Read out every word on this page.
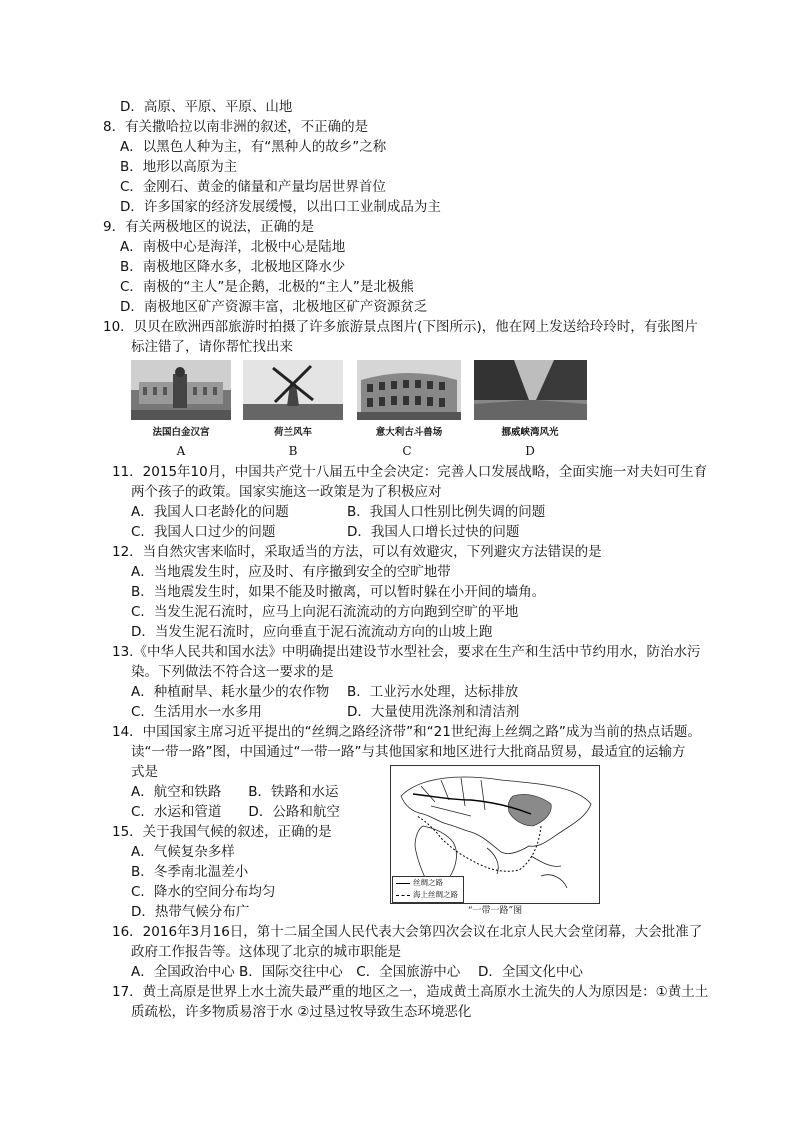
D．高原、平原、平原、山地
8．有关撒哈拉以南非洲的叙述，不正确的是
A．以黑色人种为主，有“黑种人的故乡”之称
B．地形以高原为主
C．金刚石、黄金的储量和产量均居世界首位
D．许多国家的经济发展缓慢，以出口工业制成品为主
9．有关两极地区的说法，正确的是
A．南极中心是海洋，北极中心是陆地
B．南极地区降水多，北极地区降水少
C．南极的“主人”是企鹅，北极的“主人”是北极熊
D．南极地区矿产资源丰富，北极地区矿产资源贫乏
10．贝贝在欧洲西部旅游时拍摄了许多旅游景点图片(下图所示)，他在网上发送给玲玲时，有张图片
标注错了，请你帮忙找出来
法国白金汉宫	荷兰风车	意大利古斗兽场	挪威峡湾风光
A	B	C	D
11．2015年10月，中国共产党十八届五中全会决定：完善人口发展战略，全面实施一对夫妇可生育
两个孩子的政策。国家实施这一政策是为了积极应对
A．我国人口老龄化的问题	B．我国人口性别比例失调的问题
C．我国人口过少的问题	D．我国人口增长过快的问题
12．当自然灾害来临时，采取适当的方法，可以有效避灾，下列避灾方法错误的是
A．当地震发生时，应及时、有序撤到安全的空旷地带
B．当地震发生时，如果不能及时撤离，可以暂时躲在小开间的墙角。
C．当发生泥石流时，应马上向泥石流流动的方向跑到空旷的平地
D．当发生泥石流时，应向垂直于泥石流流动方向的山坡上跑
13.《中华人民共和国水法》中明确提出建设节水型社会，要求在生产和生活中节约用水，防治水污
染。下列做法不符合这一要求的是
A．种植耐旱、耗水量少的农作物 B．工业污水处理，达标排放
C．生活用水一水多用	D．大量使用洗涤剂和清洁剂
14．中国国家主席习近平提出的“丝绸之路经济带”和“21世纪海上丝绸之路”成为当前的热点话题。
读“一带一路”图，中国通过“一带一路”与其他国家和地区进行大批商品贸易，最适宜的运输方
式是
A．航空和铁路　　B．铁路和水运
C．水运和管道　　D．公路和航空
丝绸之路
海上丝绸之路
“一带一路”图
15．关于我国气候的叙述，正确的是
A．气候复杂多样
B．冬季南北温差小
C．降水的空间分布均匀
D．热带气候分布广
16．2016年3月16日，第十二届全国人民代表大会第四次会议在北京人民大会堂闭幕，大会批准了
政府工作报告等。这体现了北京的城市职能是
A．全国政治中心 B．国际交往中心　C．全国旅游中心　 D．全国文化中心
17．黄土高原是世界上水土流失最严重的地区之一，造成黄土高原水土流失的人为原因是：①黄土土
质疏松，许多物质易溶于水 ②过垦过牧导致生态环境恶化
